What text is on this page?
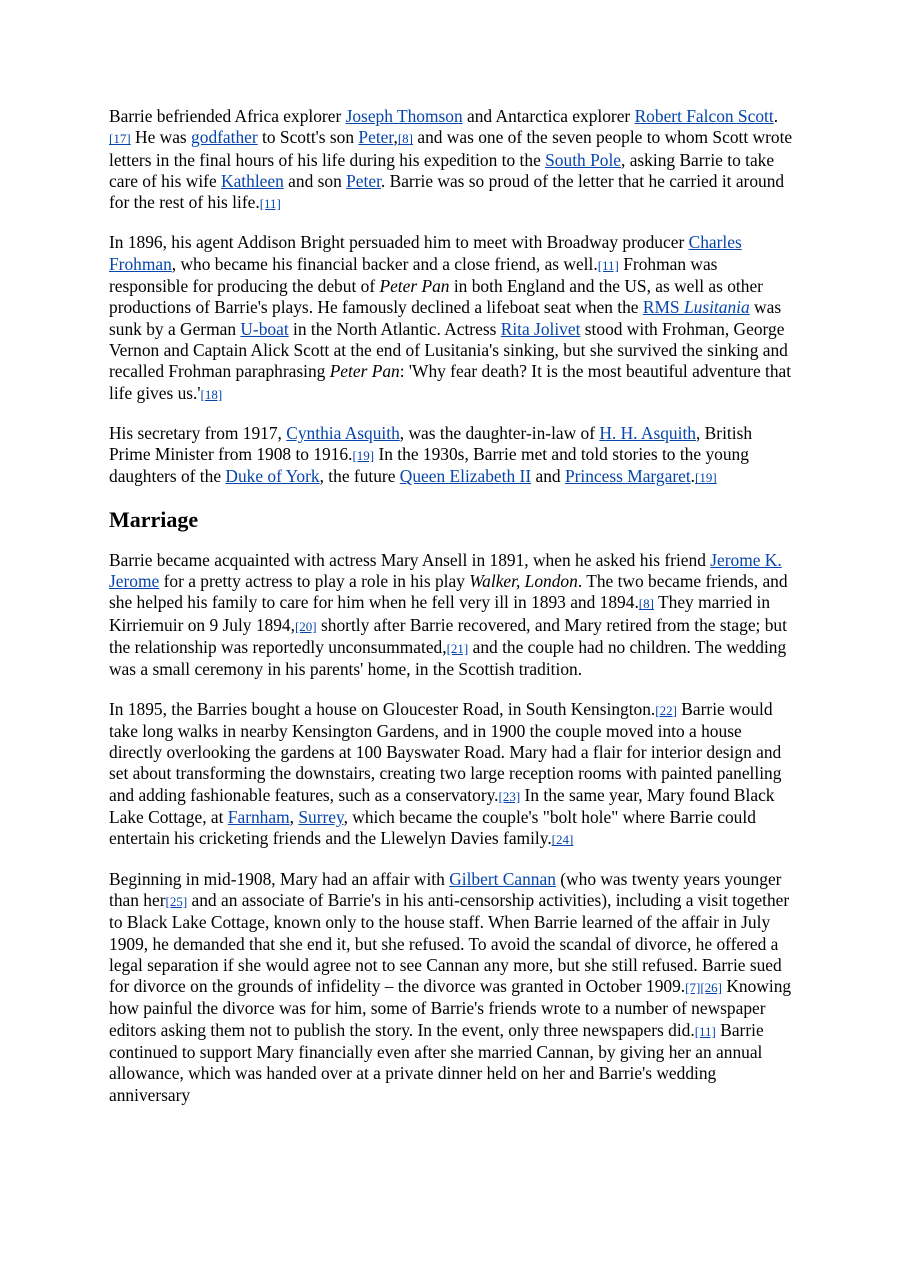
Barrie befriended Africa explorer Joseph Thomson and Antarctica explorer Robert Falcon Scott.[17] He was godfather to Scott's son Peter,[8] and was one of the seven people to whom Scott wrote letters in the final hours of his life during his expedition to the South Pole, asking Barrie to take care of his wife Kathleen and son Peter. Barrie was so proud of the letter that he carried it around for the rest of his life.[11]

In 1896, his agent Addison Bright persuaded him to meet with Broadway producer Charles Frohman, who became his financial backer and a close friend, as well.[11] Frohman was responsible for producing the debut of Peter Pan in both England and the US, as well as other productions of Barrie's plays. He famously declined a lifeboat seat when the RMS Lusitania was sunk by a German U-boat in the North Atlantic. Actress Rita Jolivet stood with Frohman, George Vernon and Captain Alick Scott at the end of Lusitania's sinking, but she survived the sinking and recalled Frohman paraphrasing Peter Pan: 'Why fear death? It is the most beautiful adventure that life gives us.'[18]

His secretary from 1917, Cynthia Asquith, was the daughter-in-law of H. H. Asquith, British Prime Minister from 1908 to 1916.[19] In the 1930s, Barrie met and told stories to the young daughters of the Duke of York, the future Queen Elizabeth II and Princess Margaret.[19]

Marriage

Barrie became acquainted with actress Mary Ansell in 1891, when he asked his friend Jerome K. Jerome for a pretty actress to play a role in his play Walker, London. The two became friends, and she helped his family to care for him when he fell very ill in 1893 and 1894.[8] They married in Kirriemuir on 9 July 1894,[20] shortly after Barrie recovered, and Mary retired from the stage; but the relationship was reportedly unconsummated,[21] and the couple had no children. The wedding was a small ceremony in his parents' home, in the Scottish tradition.

In 1895, the Barries bought a house on Gloucester Road, in South Kensington.[22] Barrie would take long walks in nearby Kensington Gardens, and in 1900 the couple moved into a house directly overlooking the gardens at 100 Bayswater Road. Mary had a flair for interior design and set about transforming the downstairs, creating two large reception rooms with painted panelling and adding fashionable features, such as a conservatory.[23] In the same year, Mary found Black Lake Cottage, at Farnham, Surrey, which became the couple's "bolt hole" where Barrie could entertain his cricketing friends and the Llewelyn Davies family.[24]

Beginning in mid-1908, Mary had an affair with Gilbert Cannan (who was twenty years younger than her[25] and an associate of Barrie's in his anti-censorship activities), including a visit together to Black Lake Cottage, known only to the house staff. When Barrie learned of the affair in July 1909, he demanded that she end it, but she refused. To avoid the scandal of divorce, he offered a legal separation if she would agree not to see Cannan any more, but she still refused. Barrie sued for divorce on the grounds of infidelity – the divorce was granted in October 1909.[7][26] Knowing how painful the divorce was for him, some of Barrie's friends wrote to a number of newspaper editors asking them not to publish the story. In the event, only three newspapers did.[11] Barrie continued to support Mary financially even after she married Cannan, by giving her an annual allowance, which was handed over at a private dinner held on her and Barrie's wedding anniversary
